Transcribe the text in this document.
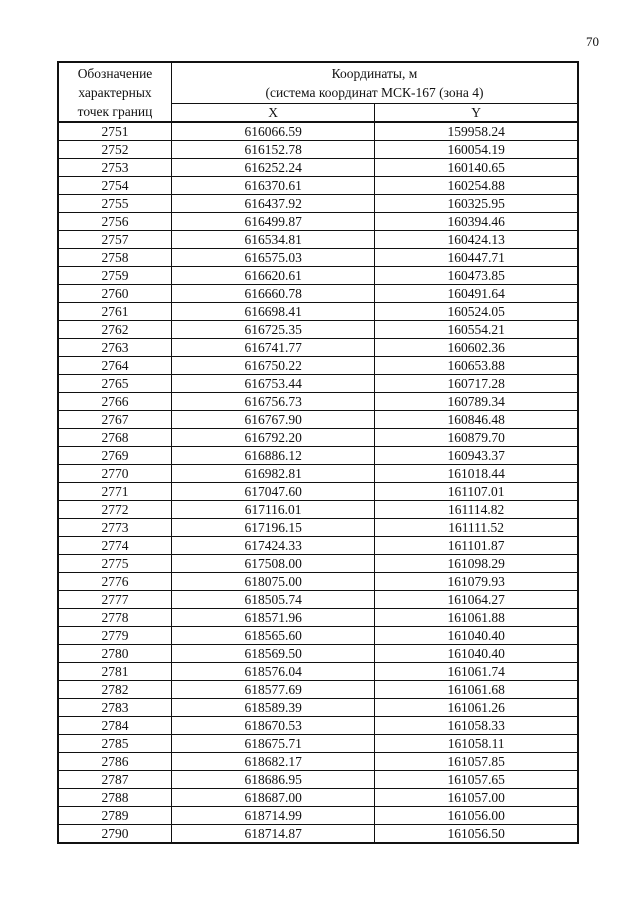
70
Обозначение
характерных
точек границ	Координаты, м
(система координат МСК-167 (зона 4)	

	X	Y
2751	616066.59	159958.24
2752	616152.78	160054.19
2753	616252.24	160140.65
2754	616370.61	160254.88
2755	616437.92	160325.95
2756	616499.87	160394.46
2757	616534.81	160424.13
2758	616575.03	160447.71
2759	616620.61	160473.85
2760	616660.78	160491.64
2761	616698.41	160524.05
2762	616725.35	160554.21
2763	616741.77	160602.36
2764	616750.22	160653.88
2765	616753.44	160717.28
2766	616756.73	160789.34
2767	616767.90	160846.48
2768	616792.20	160879.70
2769	616886.12	160943.37
2770	616982.81	161018.44
2771	617047.60	161107.01
2772	617116.01	161114.82
2773	617196.15	161111.52
2774	617424.33	161101.87
2775	617508.00	161098.29
2776	618075.00	161079.93
2777	618505.74	161064.27
2778	618571.96	161061.88
2779	618565.60	161040.40
2780	618569.50	161040.40
2781	618576.04	161061.74
2782	618577.69	161061.68
2783	618589.39	161061.26
2784	618670.53	161058.33
2785	618675.71	161058.11
2786	618682.17	161057.85
2787	618686.95	161057.65
2788	618687.00	161057.00
2789	618714.99	161056.00
2790	618714.87	161056.50
